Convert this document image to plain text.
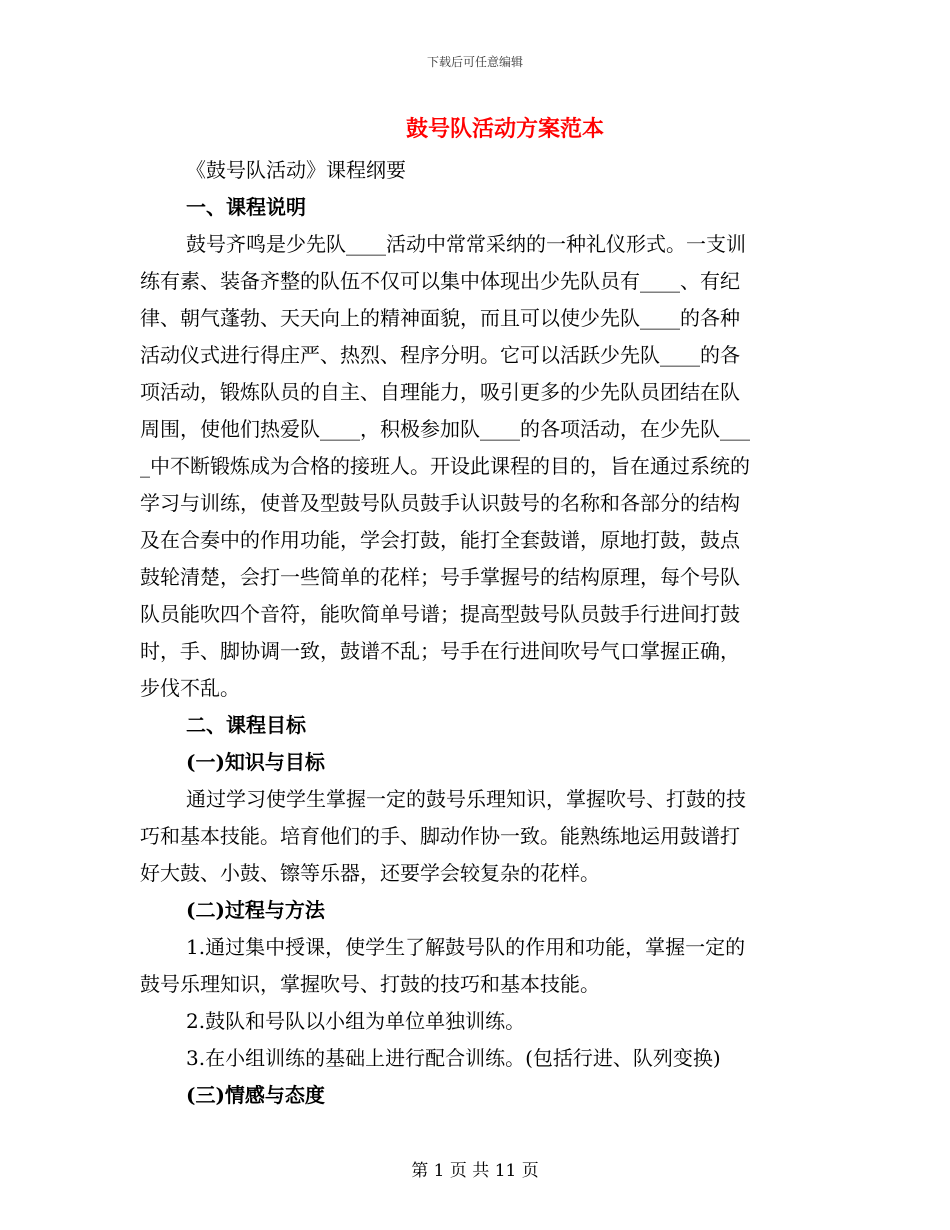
下载后可任意编辑
鼓号队活动方案范本

《鼓号队活动》课程纲要

一、课程说明

鼓号齐鸣是少先队____活动中常常采纳的一种礼仪形式。一支训

练有素、装备齐整的队伍不仅可以集中体现出少先队员有____、有纪

律、朝气蓬勃、天天向上的精神面貌，而且可以使少先队____的各种

活动仪式进行得庄严、热烈、程序分明。它可以活跃少先队____的各

项活动，锻炼队员的自主、自理能力，吸引更多的少先队员团结在队

周围，使他们热爱队____，积极参加队____的各项活动，在少先队___

_中不断锻炼成为合格的接班人。开设此课程的目的，旨在通过系统的

学习与训练，使普及型鼓号队员鼓手认识鼓号的名称和各部分的结构

及在合奏中的作用功能，学会打鼓，能打全套鼓谱，原地打鼓，鼓点

鼓轮清楚，会打一些简单的花样；号手掌握号的结构原理，每个号队

队员能吹四个音符，能吹简单号谱；提高型鼓号队员鼓手行进间打鼓

时，手、脚协调一致，鼓谱不乱；号手在行进间吹号气口掌握正确，

步伐不乱。

二、课程目标

(一)知识与目标

通过学习使学生掌握一定的鼓号乐理知识，掌握吹号、打鼓的技

巧和基本技能。培育他们的手、脚动作协一致。能熟练地运用鼓谱打

好大鼓、小鼓、镲等乐器，还要学会较复杂的花样。

(二)过程与方法

1.通过集中授课，使学生了解鼓号队的作用和功能，掌握一定的

鼓号乐理知识，掌握吹号、打鼓的技巧和基本技能。

2.鼓队和号队以小组为单位单独训练。

3.在小组训练的基础上进行配合训练。(包括行进、队列变换)

(三)情感与态度

第 1 页 共 11 页
